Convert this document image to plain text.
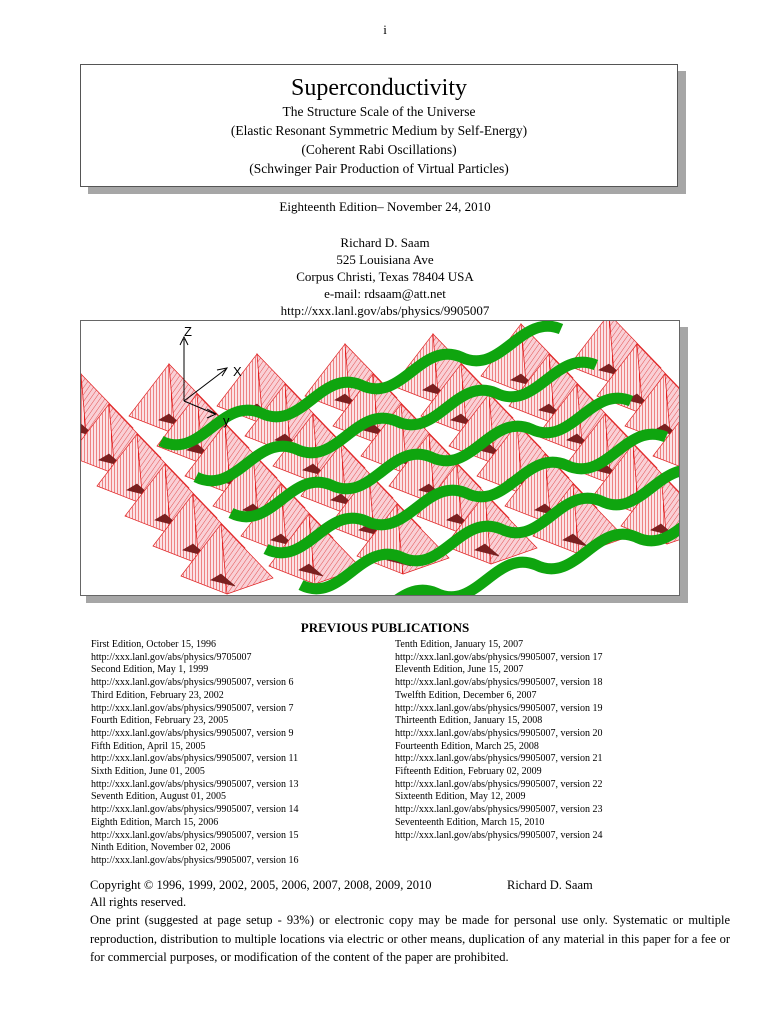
i
Superconductivity
The Structure Scale of the Universe
(Elastic Resonant Symmetric Medium by Self-Energy)
(Coherent Rabi Oscillations)
(Schwinger Pair Production of Virtual Particles)
Eighteenth Edition– November 24, 2010
Richard D. Saam
525 Louisiana Ave
Corpus Christi, Texas 78404 USA
e-mail: rdsaam@att.net
http://xxx.lanl.gov/abs/physics/9905007
Z
X
y
PREVIOUS PUBLICATIONS
First Edition, October 15, 1996
http://xxx.lanl.gov/abs/physics/9705007
Second Edition, May 1, 1999
http://xxx.lanl.gov/abs/physics/9905007, version 6
Third Edition, February 23, 2002
http://xxx.lanl.gov/abs/physics/9905007, version 7
Fourth Edition, February 23, 2005
http://xxx.lanl.gov/abs/physics/9905007, version 9
Fifth Edition, April 15, 2005
http://xxx.lanl.gov/abs/physics/9905007, version 11
Sixth Edition, June 01, 2005
http://xxx.lanl.gov/abs/physics/9905007, version 13
Seventh Edition, August 01, 2005
http://xxx.lanl.gov/abs/physics/9905007, version 14
Eighth Edition, March 15, 2006
http://xxx.lanl.gov/abs/physics/9905007, version 15
Ninth Edition, November 02, 2006
http://xxx.lanl.gov/abs/physics/9905007, version 16
Tenth Edition, January 15, 2007
http://xxx.lanl.gov/abs/physics/9905007, version 17
Eleventh Edition, June 15, 2007
http://xxx.lanl.gov/abs/physics/9905007, version 18
Twelfth Edition, December 6, 2007
http://xxx.lanl.gov/abs/physics/9905007, version 19
Thirteenth Edition, January 15, 2008
http://xxx.lanl.gov/abs/physics/9905007, version 20
Fourteenth Edition, March 25, 2008
http://xxx.lanl.gov/abs/physics/9905007, version 21
Fifteenth Edition, February 02, 2009
http://xxx.lanl.gov/abs/physics/9905007, version 22
Sixteenth Edition, May 12, 2009
http://xxx.lanl.gov/abs/physics/9905007, version 23
Seventeenth Edition, March 15, 2010
http://xxx.lanl.gov/abs/physics/9905007, version 24
Copyright © 1996, 1999, 2002, 2005, 2006, 2007, 2008, 2009, 2010	Richard D. Saam
All rights reserved.
One print (suggested at page setup - 93%) or electronic copy may be made for personal use only. Systematic or multiple reproduction, distribution to multiple locations via electric or other means, duplication of any material in this paper for a fee or for commercial purposes, or modification of the content of the paper are prohibited.
